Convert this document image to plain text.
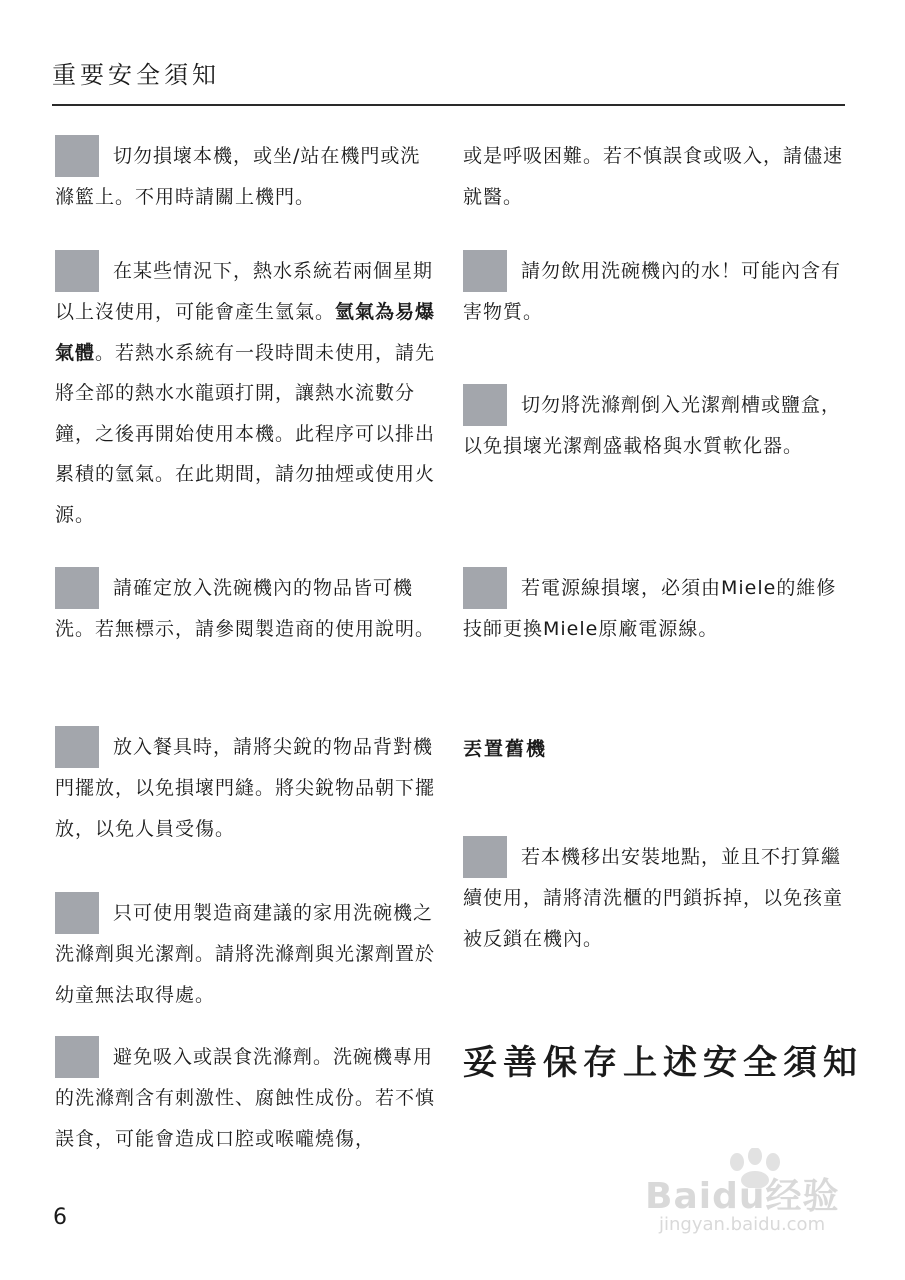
重要安全須知

切勿損壞本機，或坐/站在機門或洗滌籃上。不用時請關上機門。

在某些情況下，熱水系統若兩個星期以上沒使用，可能會產生氫氣。氫氣為易爆氣體。若熱水系統有一段時間未使用，請先將全部的熱水水龍頭打開，讓熱水流數分鐘，之後再開始使用本機。此程序可以排出累積的氫氣。在此期間，請勿抽煙或使用火源。

請確定放入洗碗機內的物品皆可機洗。若無標示，請參閱製造商的使用說明。

放入餐具時，請將尖銳的物品背對機門擺放，以免損壞門縫。將尖銳物品朝下擺放，以免人員受傷。

只可使用製造商建議的家用洗碗機之洗滌劑與光潔劑。請將洗滌劑與光潔劑置於幼童無法取得處。

避免吸入或誤食洗滌劑。洗碗機專用的洗滌劑含有刺激性、腐蝕性成份。若不慎誤食，可能會造成口腔或喉嚨燒傷，

或是呼吸困難。若不慎誤食或吸入，請儘速就醫。

請勿飲用洗碗機內的水！可能內含有害物質。

切勿將洗滌劑倒入光潔劑槽或鹽盒，以免損壞光潔劑盛載格與水質軟化器。

若電源線損壞，必須由Miele的維修技師更換Miele原廠電源線。

丟置舊機

若本機移出安裝地點，並且不打算繼續使用，請將清洗櫃的門鎖拆掉，以免孩童被反鎖在機內。

妥善保存上述安全須知
6
Baidu经验
jingyan.baidu.com
